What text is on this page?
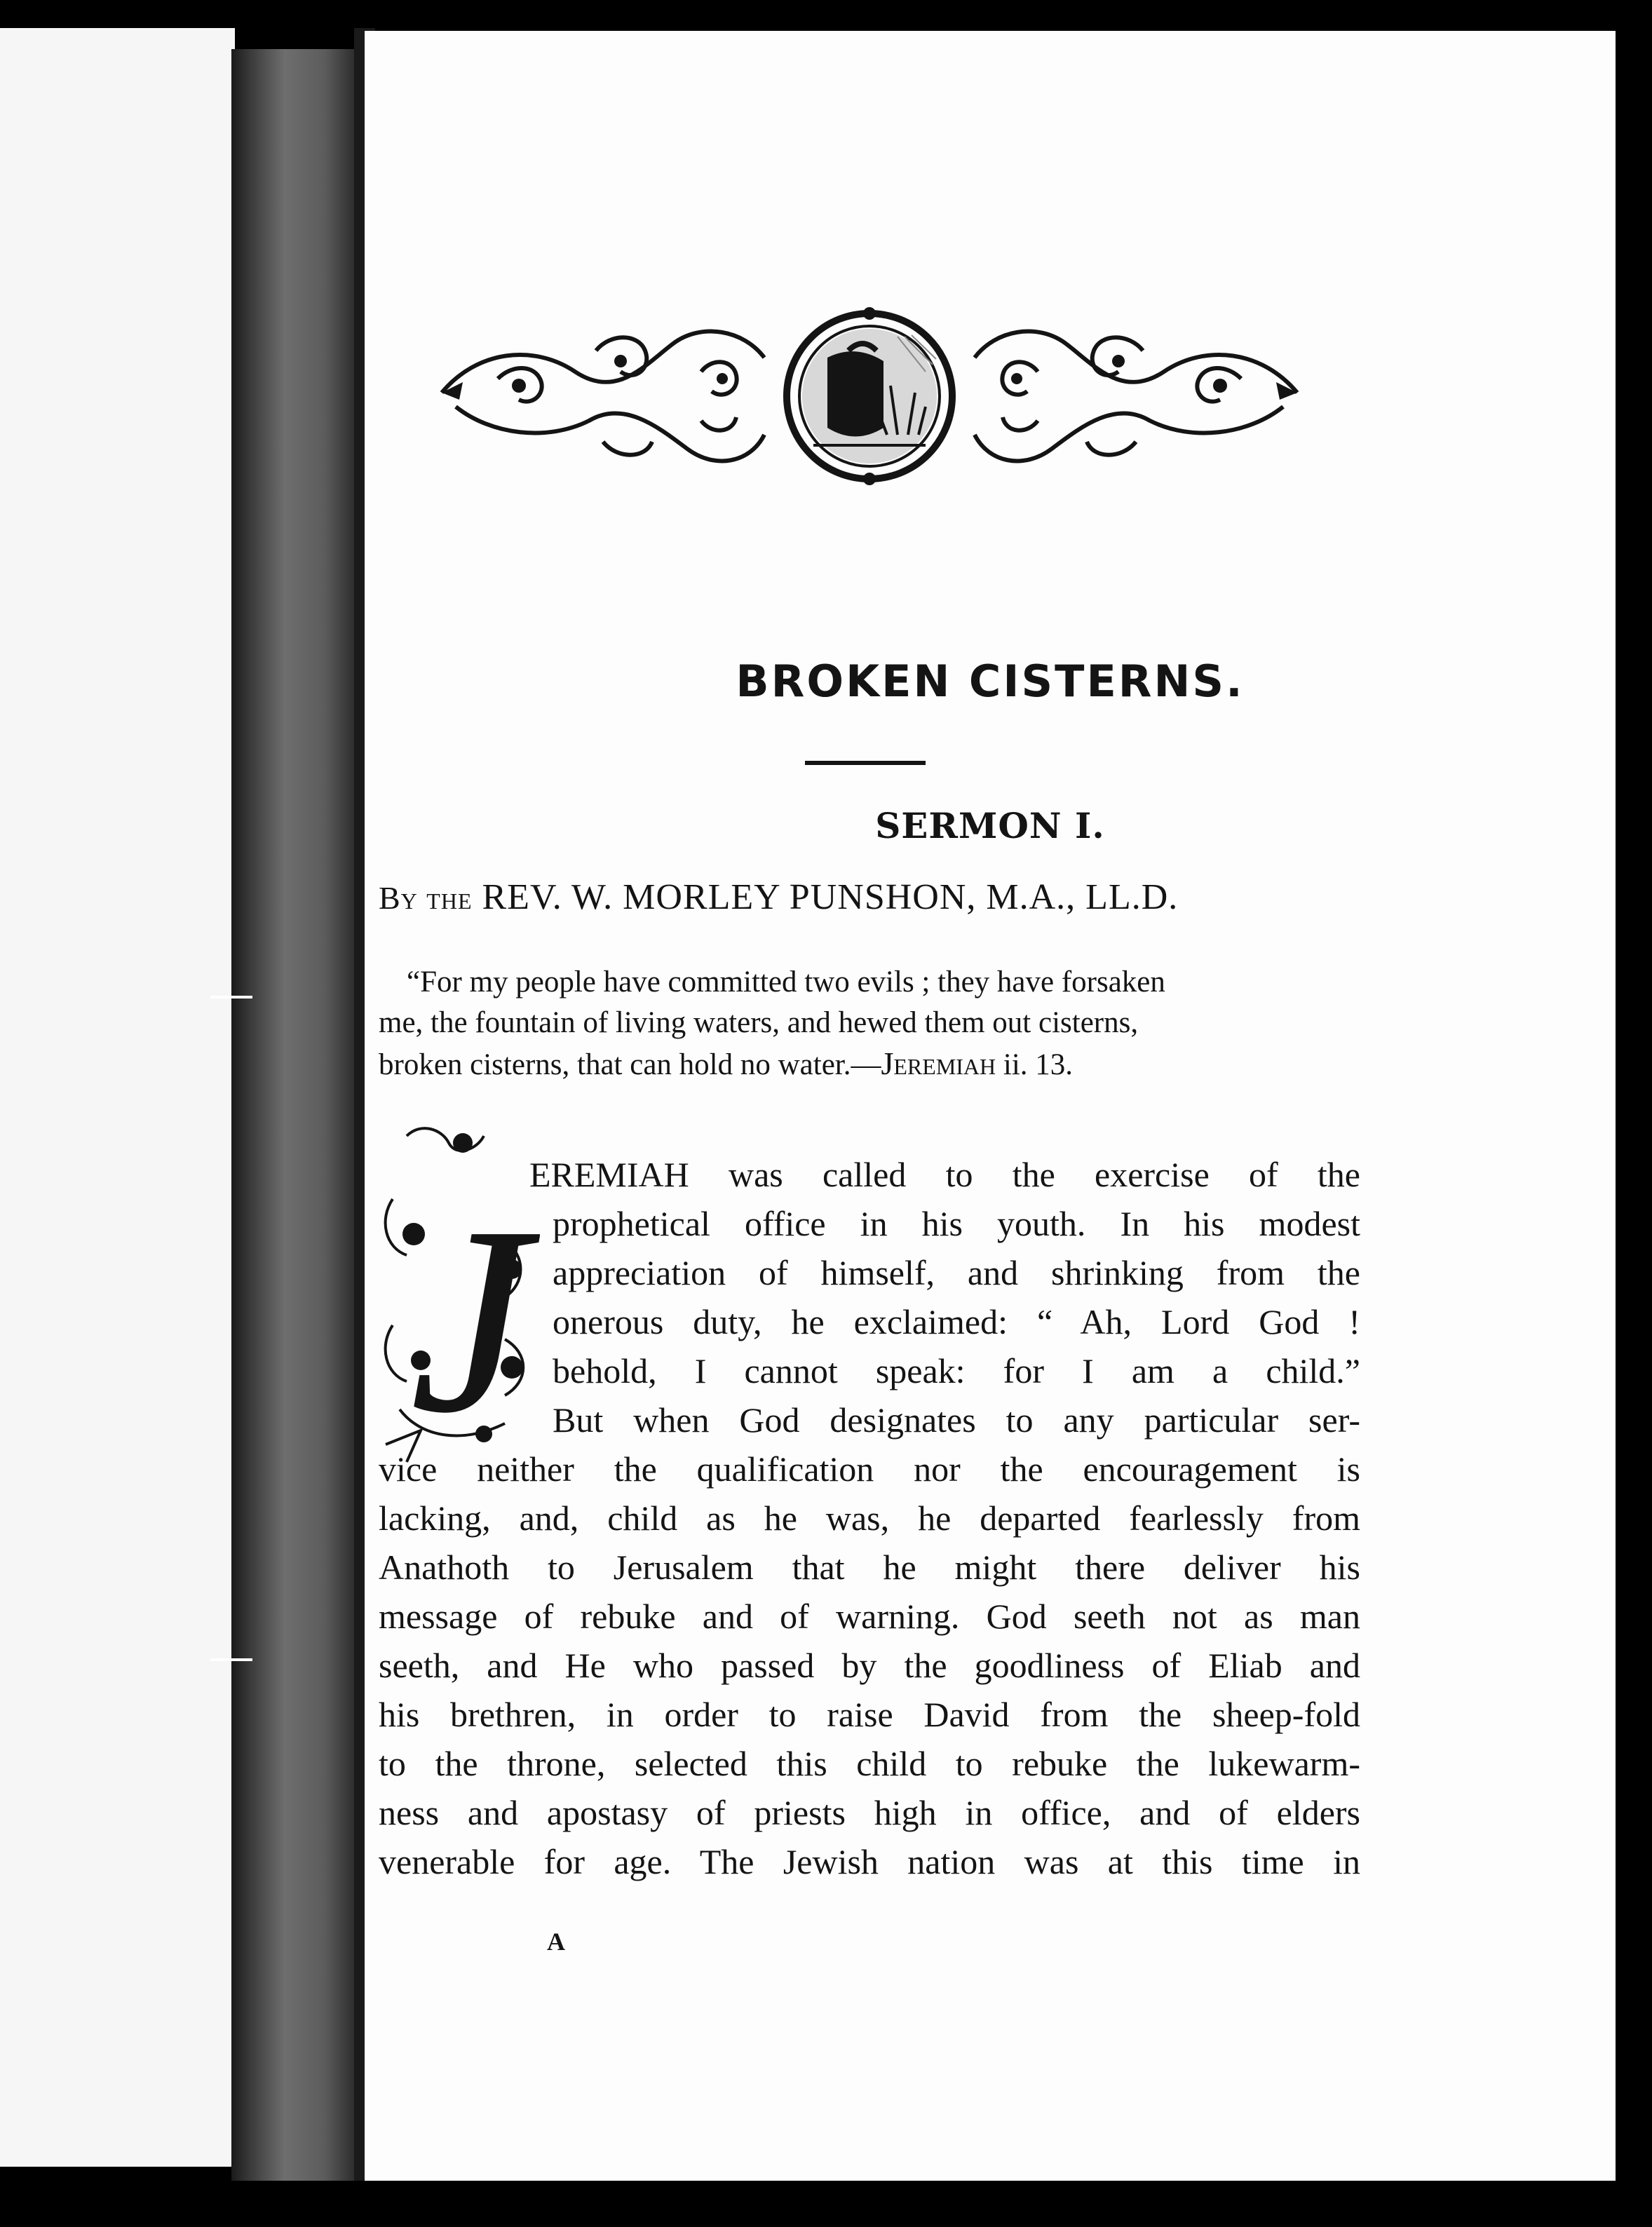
BROKEN CISTERNS.
SERMON I.

By the REV. W. MORLEY PUNSHON, M.A., LL.D.

“For my people have committed two evils ; they have forsaken
me, the fountain of living waters, and hewed them out cisterns,
broken cisterns, that can hold no water.—Jeremiah ii. 13.

J EREMIAH was called to the exercise of the
prophetical office in his youth. In his modest
appreciation of himself, and shrinking from the
onerous duty, he exclaimed: “ Ah, Lord God !
behold, I cannot speak: for I am a child.”
But when God designates to any particular ser-
vice neither the qualification nor the encouragement is
lacking, and, child as he was, he departed fearlessly from
Anathoth to Jerusalem that he might there deliver his
message of rebuke and of warning. God seeth not as man
seeth, and He who passed by the goodliness of Eliab and
his brethren, in order to raise David from the sheep-fold
to the throne, selected this child to rebuke the lukewarm-
ness and apostasy of priests high in office, and of elders
venerable for age. The Jewish nation was at this time in

A
